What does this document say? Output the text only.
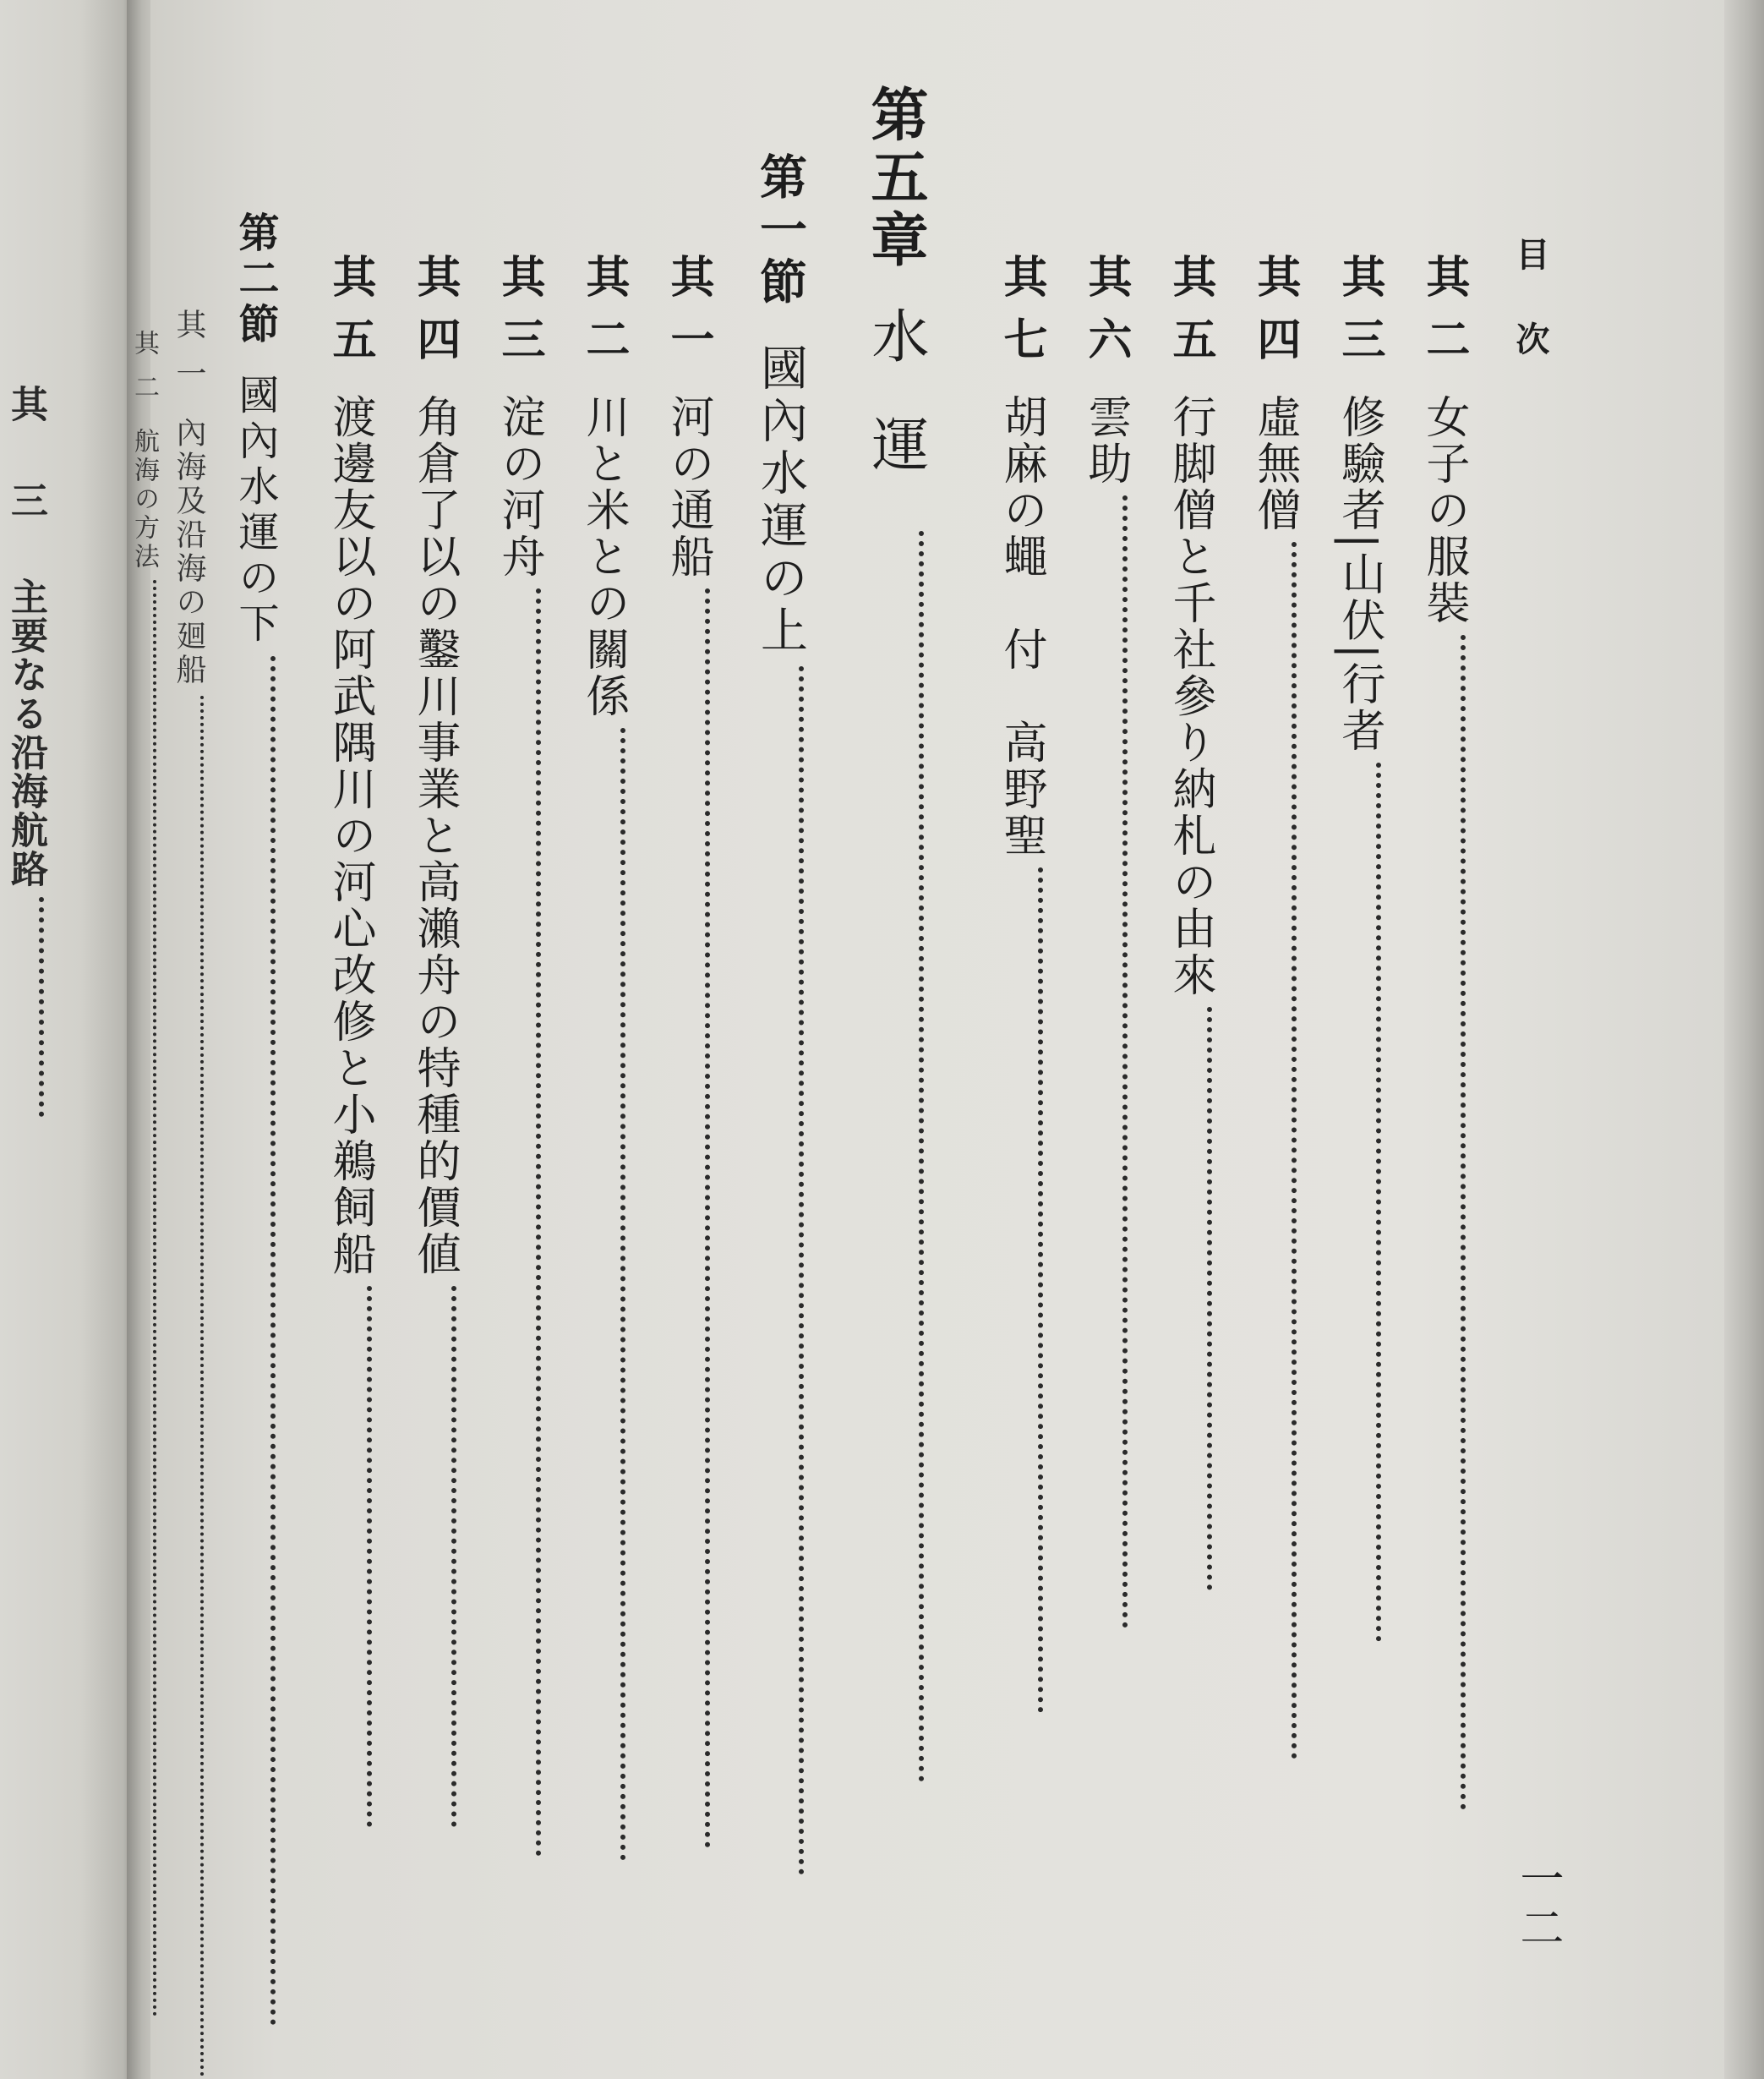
其三主要なる沿海航路
目次
一二
其二女子の服裝
其三修驗者|山伏|行者
其四虛無僧
其五行脚僧と千社參り納札の由來
其六雲助
其七胡麻の蠅　付　高野聖
第五章水運
第一節國內水運の上
其一河の通船
其二川と米との關係
其三淀の河舟
其四角倉了以の鑿川事業と高瀨舟の特種的價値
其五渡邊友以の阿武隅川の河心改修と小鵜飼船
第二節國內水運の下
其一內海及沿海の廻船
其二航海の方法
